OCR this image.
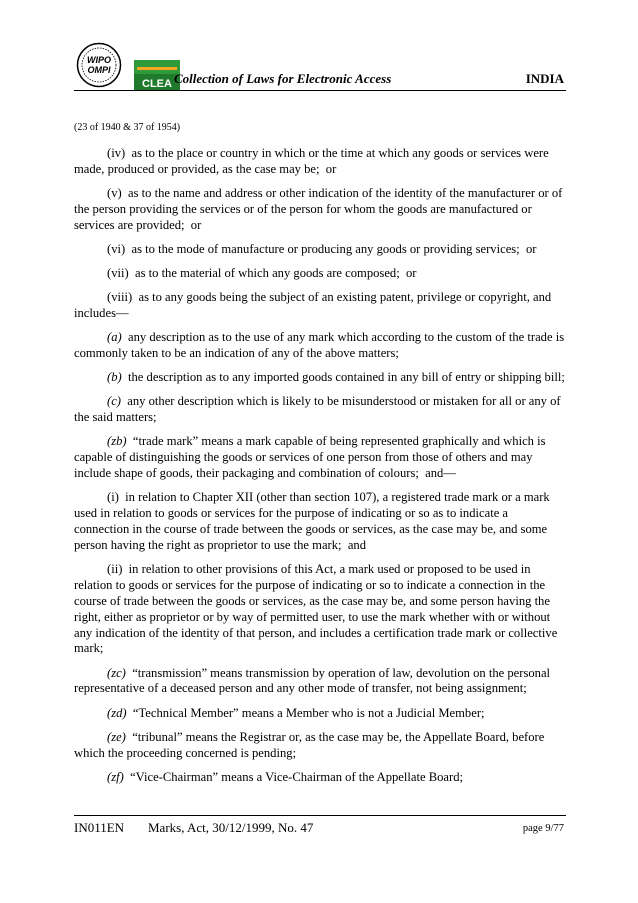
WIPO
OMPI
CLEA Collection of Laws for Electronic Access	INDIA
(23 of 1940 & 37 of 1954)

(iv)  as to the place or country in which or the time at which any goods or services were made, produced or provided, as the case may be;  or

(v)  as to the name and address or other indication of the identity of the manufacturer or of the person providing the services or of the person for whom the goods are manufactured or services are provided;  or

(vi)  as to the mode of manufacture or producing any goods or providing services;  or

(vii)  as to the material of which any goods are composed;  or

(viii)  as to any goods being the subject of an existing patent, privilege or copyright, and includes—

(a)  any description as to the use of any mark which according to the custom of the trade is commonly taken to be an indication of any of the above matters;

(b)  the description as to any imported goods contained in any bill of entry or shipping bill;

(c)  any other description which is likely to be misunderstood or mistaken for all or any of the said matters;

(zb)  “trade mark” means a mark capable of being represented graphically and which is capable of distinguishing the goods or services of one person from those of others and may include shape of goods, their packaging and combination of colours;  and—

(i)  in relation to Chapter XII (other than section 107), a registered trade mark or a mark used in relation to goods or services for the purpose of indicating or so as to indicate a connection in the course of trade between the goods or services, as the case may be, and some person having the right as proprietor to use the mark;  and

(ii)  in relation to other provisions of this Act, a mark used or proposed to be used in relation to goods or services for the purpose of indicating or so to indicate a connection in the course of trade between the goods or services, as the case may be, and some person having the right, either as proprietor or by way of permitted user, to use the mark whether with or without any indication of the identity of that person, and includes a certification trade mark or collective mark;

(zc)  “transmission” means transmission by operation of law, devolution on the personal representative of a deceased person and any other mode of transfer, not being assignment;

(zd)  “Technical Member” means a Member who is not a Judicial Member;

(ze)  “tribunal” means the Registrar or, as the case may be, the Appellate Board, before which the proceeding concerned is pending;

(zf)  “Vice-Chairman” means a Vice-Chairman of the Appellate Board;

IN011EN Marks, Act, 30/12/1999, No. 47	page 9/77
